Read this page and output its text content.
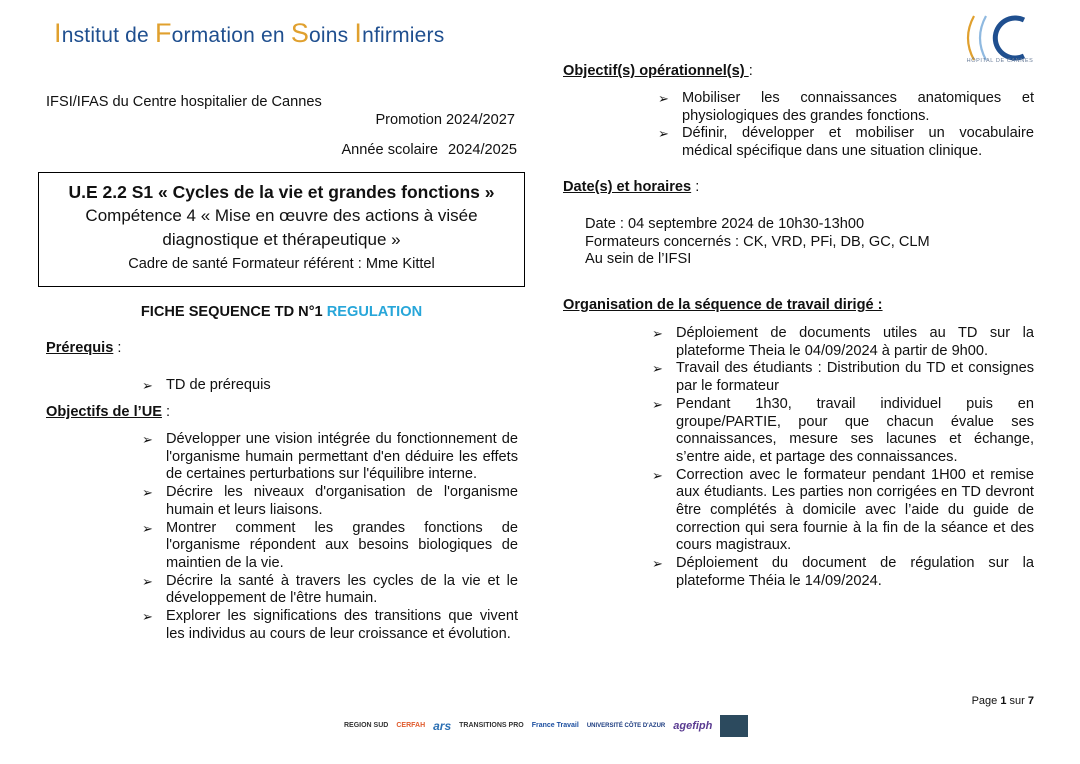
Institut de Formation en Soins Infirmiers
HÔPITAL DE CANNES
IFSI/IFAS du Centre hospitalier de Cannes
Promotion 2024/2027
Année scolaire 2024/2025
U.E 2.2 S1 « Cycles de la vie et grandes fonctions »
Compétence 4 « Mise en œuvre des actions à visée diagnostique et thérapeutique »
Cadre de santé Formateur référent : Mme Kittel
FICHE SEQUENCE TD N°1 REGULATION
Prérequis :
➢ TD de prérequis
Objectifs de l’UE :
➢ Développer une vision intégrée du fonctionnement de l'organisme humain permettant d'en déduire les effets de certaines perturbations sur l'équilibre interne.
➢ Décrire les niveaux d'organisation de l'organisme humain et leurs liaisons.
➢ Montrer comment les grandes fonctions de l'organisme répondent aux besoins biologiques de maintien de la vie.
➢ Décrire la santé à travers les cycles de la vie et le développement de l'être humain.
➢ Explorer les significations des transitions que vivent les individus au cours de leur croissance et évolution.
Objectif(s) opérationnel(s) :
➢ Mobiliser les connaissances anatomiques et physiologiques des grandes fonctions.
➢ Définir, développer et mobiliser un vocabulaire médical spécifique dans une situation clinique.
Date(s) et horaires :
Date : 04 septembre 2024 de 10h30-13h00
Formateurs concernés : CK, VRD, PFi, DB, GC, CLM
Au sein de l’IFSI
Organisation de la séquence de travail dirigé :
➢ Déploiement de documents utiles au TD sur la plateforme Theia le 04/09/2024 à partir de 9h00.
➢ Travail des étudiants : Distribution du TD et consignes par le formateur
➢ Pendant 1h30, travail individuel puis en groupe/PARTIE, pour que chacun évalue ses connaissances, mesure ses lacunes et échange, s’entre aide, et partage des connaissances.
➢ Correction avec le formateur pendant 1H00 et remise aux étudiants. Les parties non corrigées en TD devront être complétés à domicile avec l’aide du guide de correction qui sera fournie à la fin de la séance et des cours magistraux.
➢ Déploiement du document de régulation sur la plateforme Théia le 14/09/2024.
Page 1 sur 7
REGION SUD CERFAH ars TRANSITIONS PRO France Travail UNIVERSITÉ CÔTE D'AZUR agefiph
